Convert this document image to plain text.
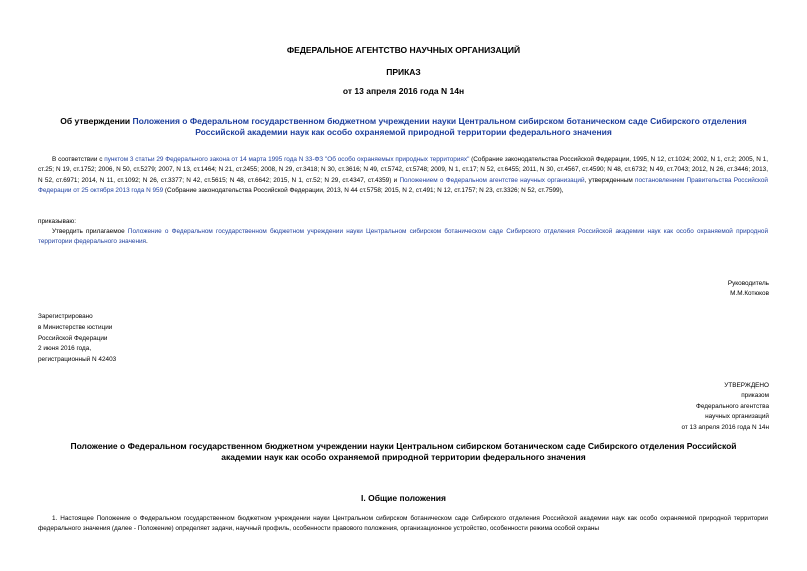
ФЕДЕРАЛЬНОЕ АГЕНТСТВО НАУЧНЫХ ОРГАНИЗАЦИЙ
ПРИКАЗ
от 13 апреля 2016 года N 14н
Об утверждении Положения о Федеральном государственном бюджетном учреждении науки Центральном сибирском ботаническом саде Сибирского отделения Российской академии наук как особо охраняемой природной территории федерального значения

В соответствии с пунктом 3 статьи 29 Федерального закона от 14 марта 1995 года N 33-ФЗ "Об особо охраняемых природных территориях" (Собрание законодательства Российской Федерации, 1995, N 12, ст.1024; 2002, N 1, ст.2; 2005, N 1, ст.25; N 19, ст.1752; 2006, N 50, ст.5279; 2007, N 13, ст.1464; N 21, ст.2455; 2008, N 29, ст.3418; N 30, ст.3616; N 49, ст.5742, ст.5748; 2009, N 1, ст.17; N 52, ст.6455; 2011, N 30, ст.4567, ст.4590; N 48, ст.6732; N 49, ст.7043; 2012, N 26, ст.3446; 2013, N 52, ст.6971; 2014, N 11, ст.1092; N 26, ст.3377; N 42, ст.5615; N 48, ст.6642; 2015, N 1, ст.52; N 29, ст.4347, ст.4359) и Положением о Федеральном агентстве научных организаций, утвержденным постановлением Правительства Российской Федерации от 25 октября 2013 года N 959 (Собрание законодательства Российской Федерации, 2013, N 44 ст.5758; 2015, N 2, ст.491; N 12, ст.1757; N 23, ст.3326; N 52, ст.7599),

приказываю:

Утвердить прилагаемое Положение о Федеральном государственном бюджетном учреждении науки Центральном сибирском ботаническом саде Сибирского отделения Российской академии наук как особо охраняемой природной территории федерального значения.

Руководитель
М.М.Котюков
Зарегистрировано
в Министерстве юстиции
Российской Федерации
2 июня 2016 года,
регистрационный N 42403
УТВЕРЖДЕНО
приказом
Федерального агентства
научных организаций
от 13 апреля 2016 года N 14н
Положение о Федеральном государственном бюджетном учреждении науки Центральном сибирском ботаническом саде Сибирского отделения Российской академии наук как особо охраняемой природной территории федерального значения
I. Общие положения

1. Настоящее Положение о Федеральном государственном бюджетном учреждении науки Центральном сибирском ботаническом саде Сибирского отделения Российской академии наук как особо охраняемой природной территории федерального значения (далее - Положение) определяет задачи, научный профиль, особенности правового положения, организационное устройство, особенности режима особой охраны
